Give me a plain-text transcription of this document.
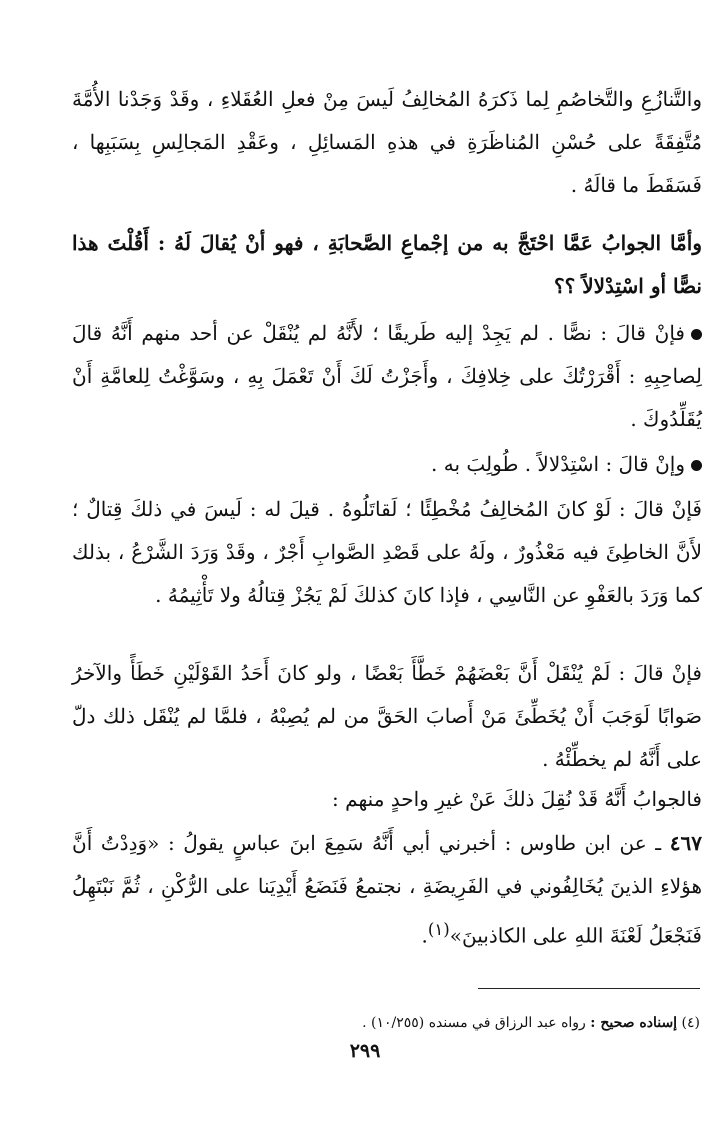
والتَّنازُعِ والتَّخاصُمِ لِما ذَكرَهُ المُخالِفُ لَيسَ مِنْ فعلِ العُقَلاءِ ، وقَدْ وَجَدْنا الأُمَّةَ مُتَّفِقَةً على حُسْنِ المُناظَرَةِ في هذهِ المَسائِلِ ، وعَقْدِ المَجالِسِ بِسَبَبِها ، فَسَقَطَ ما قالَهُ .

وأمَّا الجوابُ عَمَّا احْتَجَّ به من إجْماعِ الصَّحابَةِ ، فهو أنْ يُقالَ لَهُ : أَقُلْتَ هذا نصًّا أو اسْتِدْلالاً ؟؟

فإنْ قالَ : نصًّا . لم يَجِدْ إليه طَريقًا ؛ لأَنَّهُ لم يُنْقَلْ عن أحد منهم أَنَّهُ قالَ لِصاحِبِهِ : أَقْرَرْتُكَ على خِلافِكَ ، وأَجَزْتُ لَكَ أَنْ تَعْمَلَ بِهِ ، وسَوَّغْتُ لِلعامَّةِ أَنْ يُقَلِّدُوكَ .

وإنْ قالَ : اسْتِدْلالاً . طُولِبَ به .

فَإنْ قالَ : لَوْ كانَ المُخالِفُ مُخْطِئًا ؛ لَقاتَلُوهُ . قيلَ له : لَيسَ في ذلكَ قِتالٌ ؛ لأَنَّ الخاطِئَ فيه مَعْذُورٌ ، ولَهُ على قَصْدِ الصَّوابِ أَجْرٌ ، وقَدْ وَرَدَ الشَّرْعُ ، بذلك كما وَرَدَ بالعَفْوِ عن النَّاسِي ، فإذا كانَ كذلكَ لَمْ يَجُزْ قِتالُهُ ولا تَأْثِيمُهُ .

فإنْ قالَ : لَمْ يُنْقَلْ أَنَّ بَعْضَهُمْ خَطَّأَ بَعْضًا ، ولو كانَ أَحَدُ القَوْلَيْنِ خَطَأً والآخرُ صَوابًا لَوَجَبَ أَنْ يُخَطِّئَ مَنْ أَصابَ الحَقَّ من لم يُصِبْهُ ، فلمَّا لم يُنْقَل ذلك دلّ على أَنَّهُ لم يخطِّئْهُ .

فالجوابُ أَنَّهُ قَدْ نُقِلَ ذلكَ عَنْ غيرِ واحدٍ منهم :

٤٦٧ ـ عن ابن طاوس : أخبرني أبي أَنَّهُ سَمِعَ ابنَ عباسٍ يقولُ : «وَدِدْتُ أَنَّ هؤلاءِ الذينَ يُخَالِفُوني في الفَرِيضَةِ ، نجتمعُ فَنَضَعُ أَيْدِيَنا على الرُّكْنِ ، ثُمَّ نَبْتَهِلُ فَنَجْعَلُ لَعْنَةَ اللهِ على الكاذبينَ»$^{(١)}$.

(٤) إسناده صحيح : رواه عبد الرزاق في مسنده (١٠/٢٥٥) .
٢٩٩
